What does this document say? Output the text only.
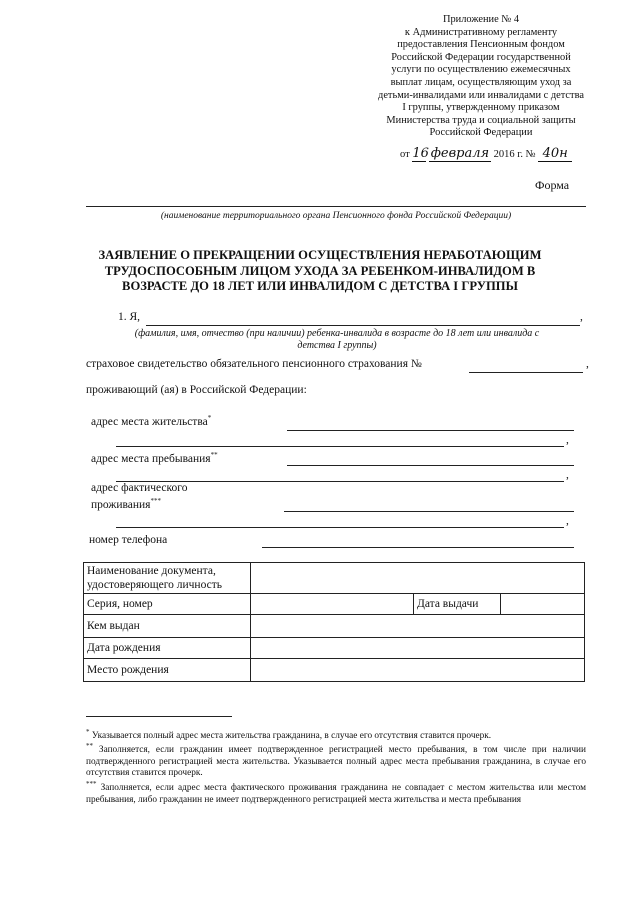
Приложение № 4
к Административному регламенту
предоставления Пенсионным фондом
Российской Федерации государственной
услуги по осуществлению ежемесячных
выплат лицам, осуществляющим уход за
детьми-инвалидами или инвалидами с детства
I группы, утвержденному приказом
Министерства труда и социальной защиты
Российской Федерации
от 16 февраля 2016 г. № 40н
Форма
(наименование территориального органа Пенсионного фонда Российской Федерации)
ЗАЯВЛЕНИЕ О ПРЕКРАЩЕНИИ ОСУЩЕСТВЛЕНИЯ НЕРАБОТАЮЩИМ
ТРУДОСПОСОБНЫМ ЛИЦОМ УХОДА ЗА РЕБЕНКОМ-ИНВАЛИДОМ В
ВОЗРАСТЕ ДО 18 ЛЕТ ИЛИ ИНВАЛИДОМ С ДЕТСТВА I ГРУППЫ
1. Я,	,
(фамилия, имя, отчество (при наличии) ребенка-инвалида в возрасте до 18 лет или инвалида с
детства I группы)
страховое свидетельство обязательного пенсионного страхования №	,
проживающий (ая) в Российской Федерации:
адрес места жительства*
,
адрес места пребывания**
,
адрес фактического
проживания***
,
номер телефона
Наименование документа,
удостоверяющего личность			
Серия, номер		Дата выдачи	
Кем выдан			
Дата рождения			
Место рождения			
* Указывается полный адрес места жительства гражданина, в случае его отсутствия ставится прочерк.
** Заполняется, если гражданин имеет подтвержденное регистрацией место пребывания, в том числе при наличии подтвержденного регистрацией места жительства. Указывается полный адрес места пребывания гражданина, в случае его отсутствия ставится прочерк.
*** Заполняется, если адрес места фактического проживания гражданина не совпадает с местом жительства или местом пребывания, либо гражданин не имеет подтвержденного регистрацией места жительства и места пребывания
